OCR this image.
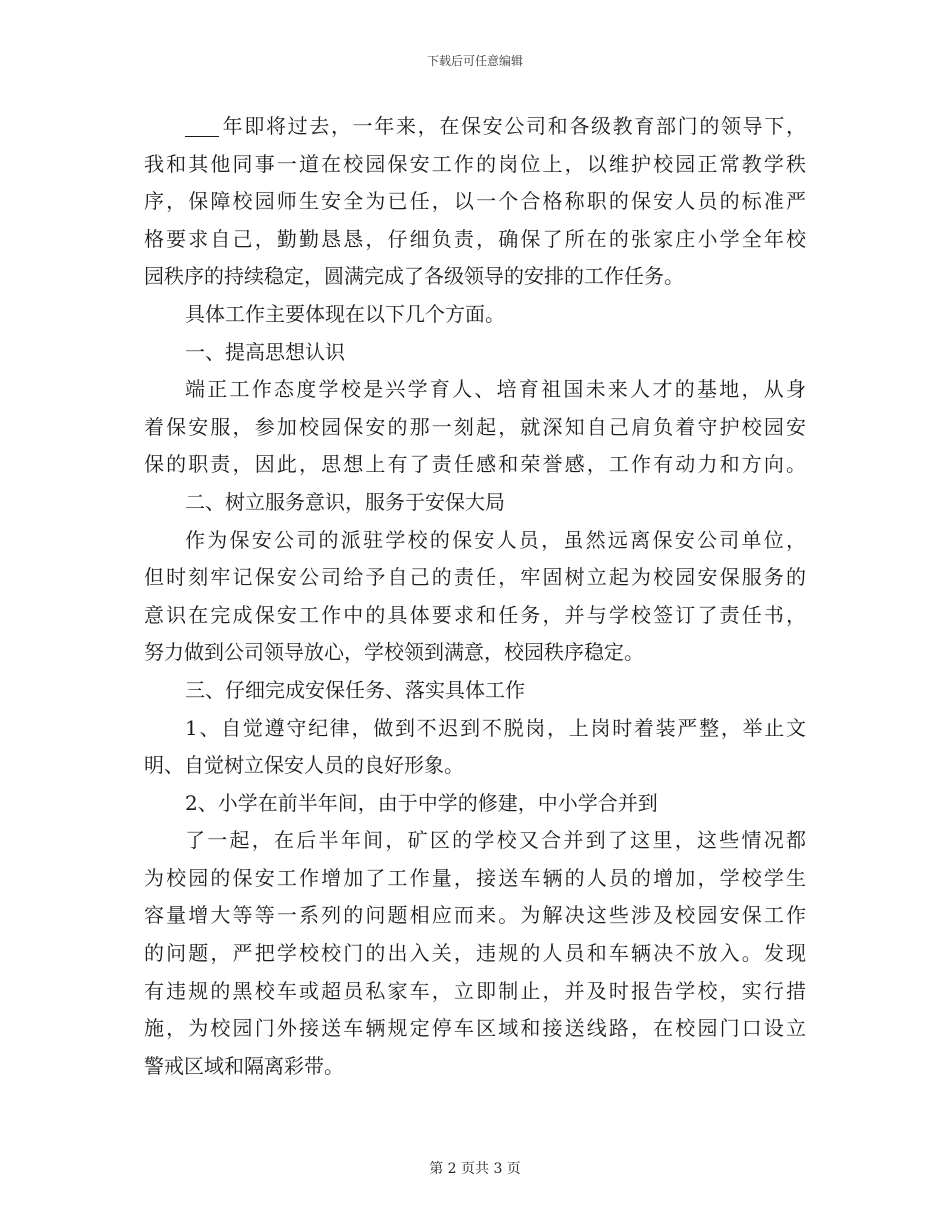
下载后可任意编辑
年即将过去，一年来，在保安公司和各级教育部门的领导下，
我和其他同事一道在校园保安工作的岗位上，以维护校园正常教学秩
序，保障校园师生安全为已任，以一个合格称职的保安人员的标准严
格要求自己，勤勤恳恳，仔细负责，确保了所在的张家庄小学全年校
园秩序的持续稳定，圆满完成了各级领导的安排的工作任务。
具体工作主要体现在以下几个方面。
一、提高思想认识
端正工作态度学校是兴学育人、培育祖国未来人才的基地，从身
着保安服，参加校园保安的那一刻起，就深知自己肩负着守护校园安
保的职责，因此，思想上有了责任感和荣誉感，工作有动力和方向。
二、树立服务意识，服务于安保大局
作为保安公司的派驻学校的保安人员，虽然远离保安公司单位，
但时刻牢记保安公司给予自己的责任，牢固树立起为校园安保服务的
意识在完成保安工作中的具体要求和任务，并与学校签订了责任书，
努力做到公司领导放心，学校领到满意，校园秩序稳定。
三、仔细完成安保任务、落实具体工作
1、自觉遵守纪律，做到不迟到不脱岗，上岗时着装严整，举止文
明、自觉树立保安人员的良好形象。
2、小学在前半年间，由于中学的修建，中小学合并到
了一起，在后半年间，矿区的学校又合并到了这里，这些情况都
为校园的保安工作增加了工作量，接送车辆的人员的增加，学校学生
容量增大等等一系列的问题相应而来。为解决这些涉及校园安保工作
的问题，严把学校校门的出入关，违规的人员和车辆决不放入。发现
有违规的黑校车或超员私家车，立即制止，并及时报告学校，实行措
施，为校园门外接送车辆规定停车区域和接送线路，在校园门口设立
警戒区域和隔离彩带。
第 2 页共 3 页
